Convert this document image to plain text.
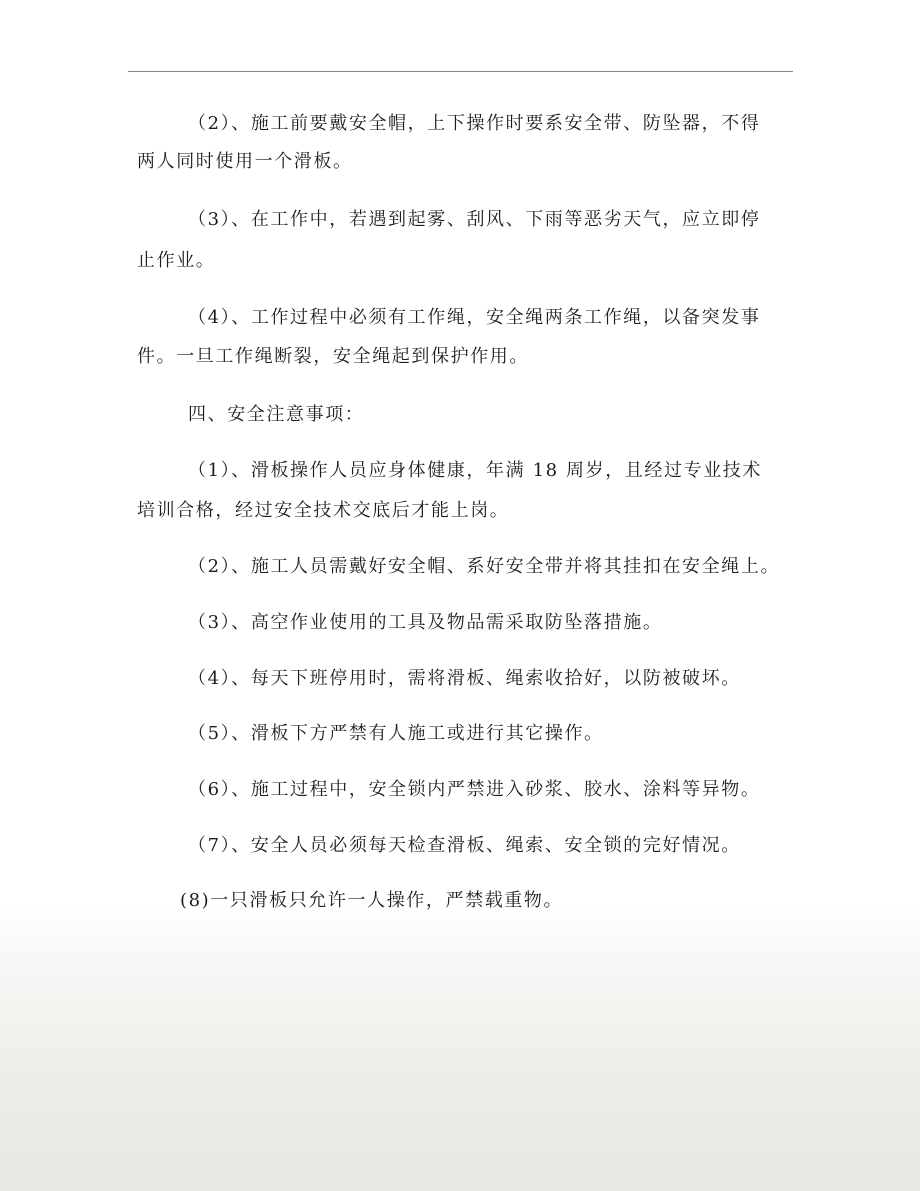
（2）、施工前要戴安全帽，上下操作时要系安全带、防坠器，不得
两人同时使用一个滑板。
（3）、在工作中，若遇到起雾、刮风、下雨等恶劣天气，应立即停
止作业。
（4）、工作过程中必须有工作绳，安全绳两条工作绳，以备突发事
件。一旦工作绳断裂，安全绳起到保护作用。
四、安全注意事项：
（1）、滑板操作人员应身体健康，年满 18 周岁，且经过专业技术
培训合格，经过安全技术交底后才能上岗。
（2）、施工人员需戴好安全帽、系好安全带并将其挂扣在安全绳上。
（3）、高空作业使用的工具及物品需采取防坠落措施。
（4）、每天下班停用时，需将滑板、绳索收拾好，以防被破坏。
（5）、滑板下方严禁有人施工或进行其它操作。
（6）、施工过程中，安全锁内严禁进入砂浆、胶水、涂料等异物。
（7）、安全人员必须每天检查滑板、绳索、安全锁的完好情况。
(8)一只滑板只允许一人操作，严禁载重物。
